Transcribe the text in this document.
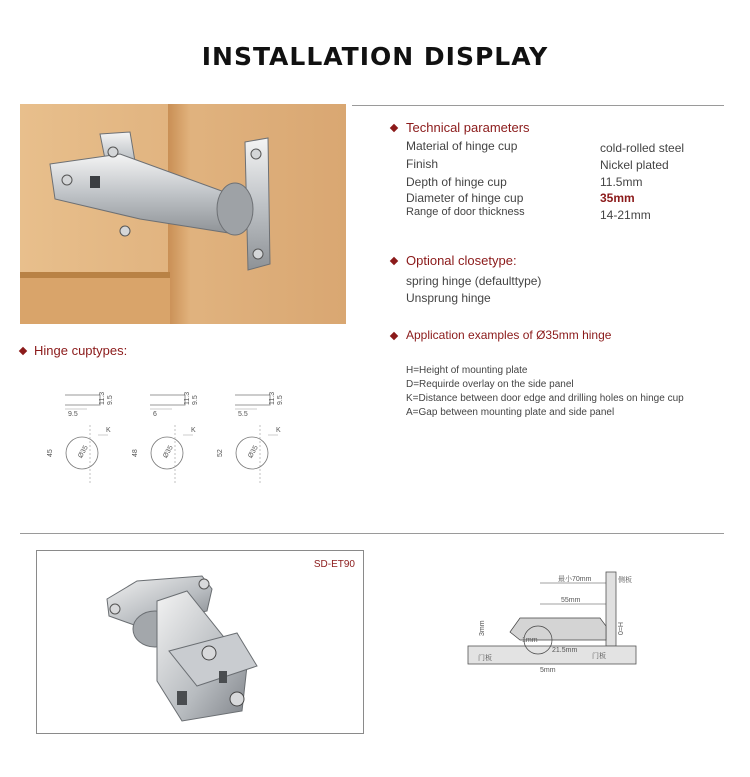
INSTALLATION DISPLAY
Technical parameters
Material of hinge cup	cold-rolled steel
Finish	Nickel plated
Depth of hinge cup	11.5mm
Diameter of hinge cup	35mm
Range of door thickness	14-21mm
Optional closetype:
spring hinge (defaulttype)
Unsprung hinge
Application examples of Ø35mm hinge
H=Height of mounting plate
D=Requirde overlay on the side panel
K=Distance between door edge and drilling holes on hinge cup
A=Gap between mounting plate and side panel
Hinge cuptypes:
9.5
11.3 9.5
Ø35
K
45
6
11.3 9.5
Ø35
K
48
5.5
11.3 9.5
Ø35
K
52
SD-ET90
最小70mm
55mm
侧板
门板
门板
H=0
1mm
21.5mm
5mm
3mm
